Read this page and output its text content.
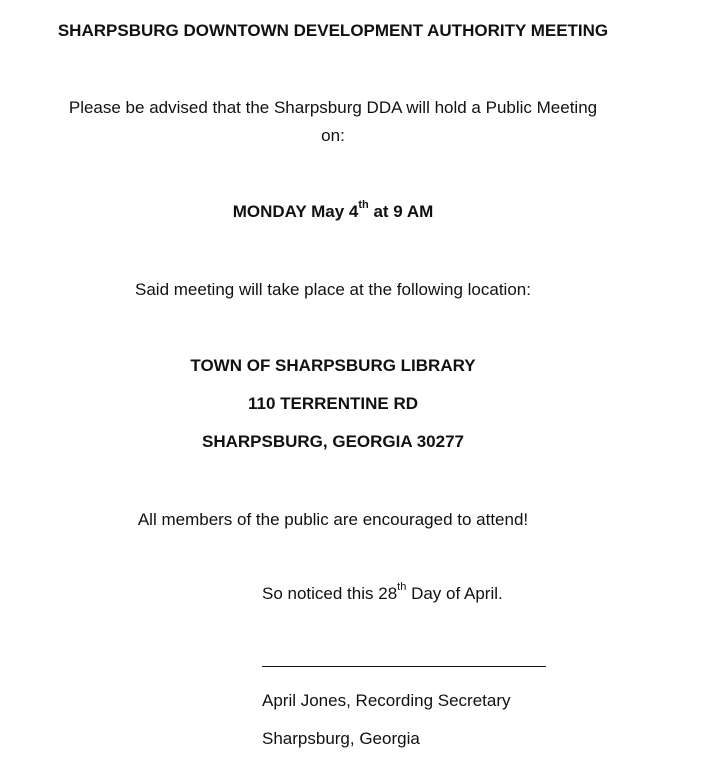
SHARPSBURG DOWNTOWN DEVELOPMENT AUTHORITY MEETING
Please be advised that the Sharpsburg DDA will hold a Public Meeting
on:
MONDAY May 4th at 9 AM
Said meeting will take place at the following location:
TOWN OF SHARPSBURG LIBRARY
110 TERRENTINE RD
SHARPSBURG, GEORGIA 30277
All members of the public are encouraged to attend!
So noticed this 28th Day of April.
April Jones, Recording Secretary
Sharpsburg, Georgia
